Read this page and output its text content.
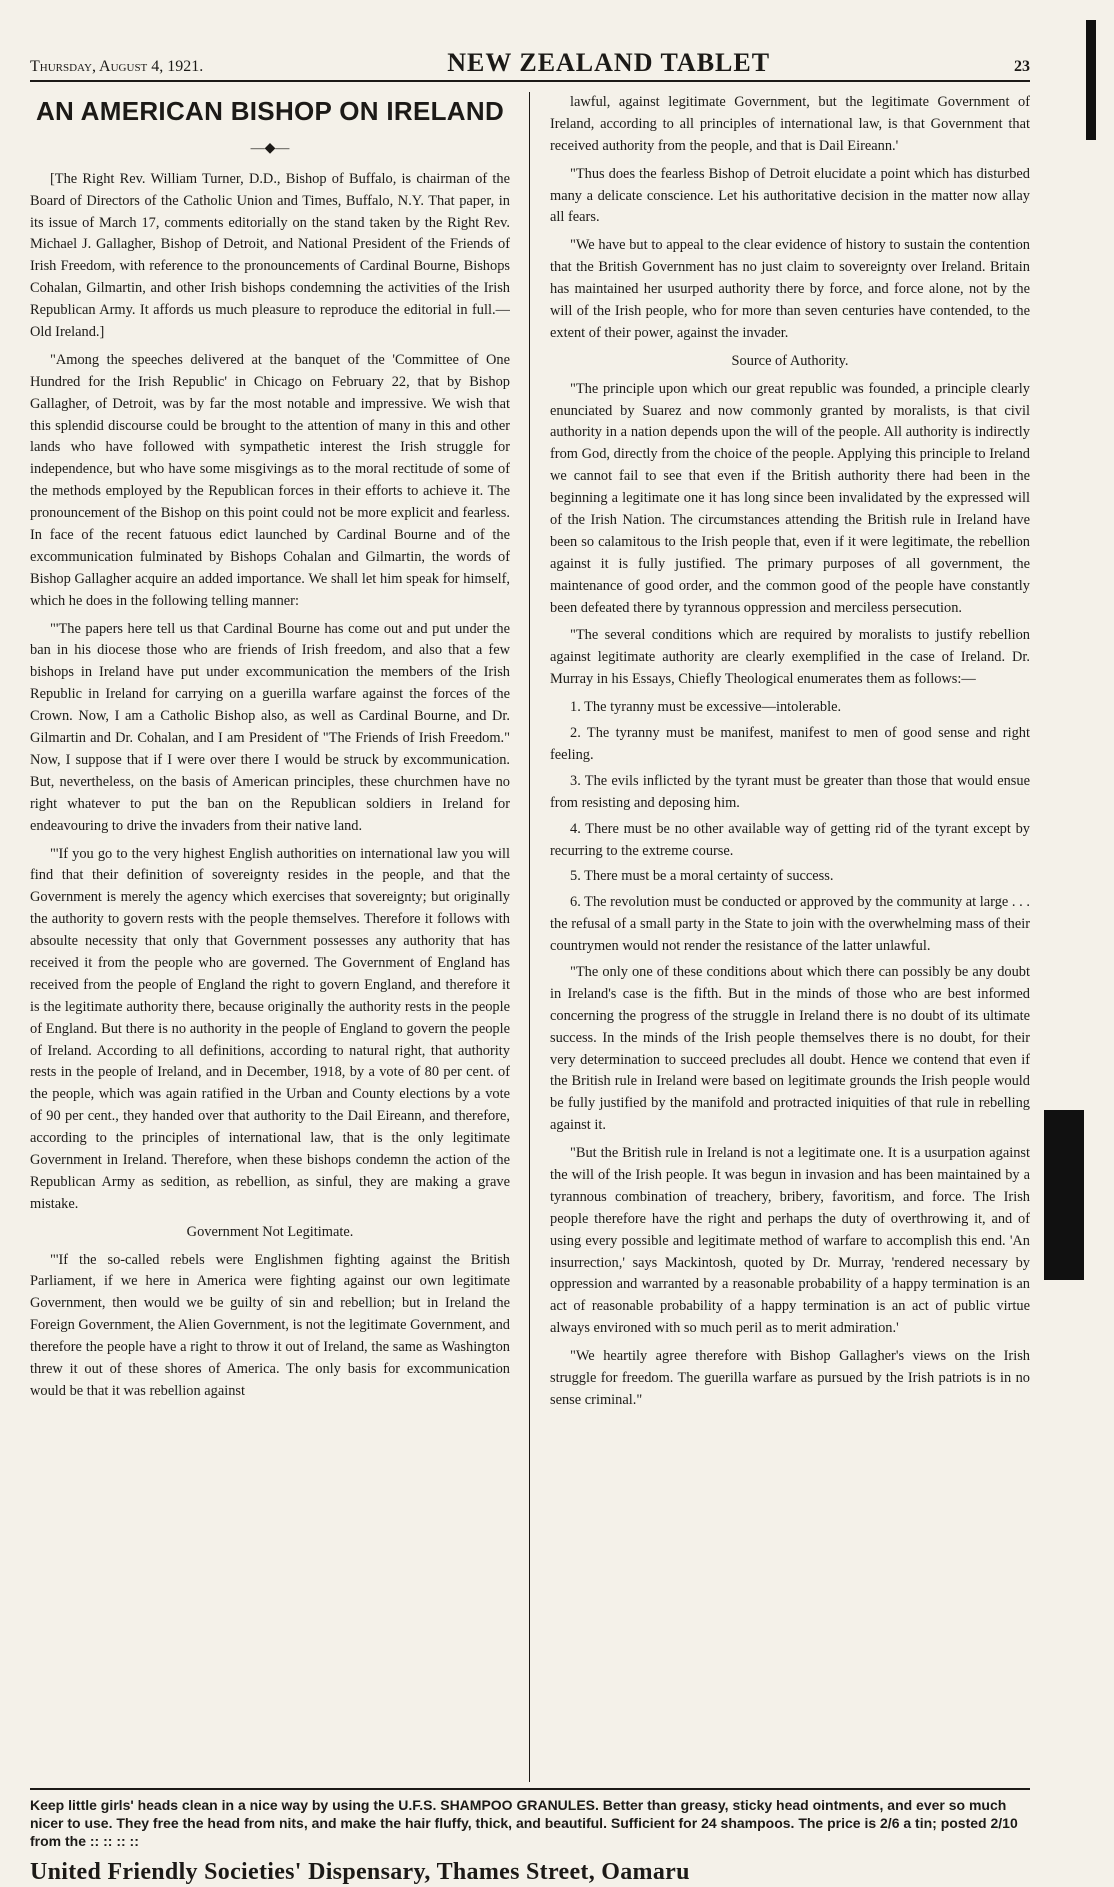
Thursday, August 4, 1921.	NEW ZEALAND TABLET	23
AN AMERICAN BISHOP ON IRELAND
—◆—

[The Right Rev. William Turner, D.D., Bishop of Buffalo, is chairman of the Board of Directors of the Catholic Union and Times, Buffalo, N.Y. That paper, in its issue of March 17, comments editorially on the stand taken by the Right Rev. Michael J. Gallagher, Bishop of Detroit, and National President of the Friends of Irish Freedom, with reference to the pronouncements of Cardinal Bourne, Bishops Cohalan, Gilmartin, and other Irish bishops condemning the activities of the Irish Republican Army. It affords us much pleasure to reproduce the editorial in full.—Old Ireland.]

"Among the speeches delivered at the banquet of the 'Committee of One Hundred for the Irish Republic' in Chicago on February 22, that by Bishop Gallagher, of Detroit, was by far the most notable and impressive. We wish that this splendid discourse could be brought to the attention of many in this and other lands who have followed with sympathetic interest the Irish struggle for independence, but who have some misgivings as to the moral rectitude of some of the methods employed by the Republican forces in their efforts to achieve it. The pronouncement of the Bishop on this point could not be more explicit and fearless. In face of the recent fatuous edict launched by Cardinal Bourne and of the excommunication fulminated by Bishops Cohalan and Gilmartin, the words of Bishop Gallagher acquire an added importance. We shall let him speak for himself, which he does in the following telling manner:

"'The papers here tell us that Cardinal Bourne has come out and put under the ban in his diocese those who are friends of Irish freedom, and also that a few bishops in Ireland have put under excommunication the members of the Irish Republic in Ireland for carrying on a guerilla warfare against the forces of the Crown. Now, I am a Catholic Bishop also, as well as Cardinal Bourne, and Dr. Gilmartin and Dr. Cohalan, and I am President of "The Friends of Irish Freedom." Now, I suppose that if I were over there I would be struck by excommunication. But, nevertheless, on the basis of American principles, these churchmen have no right whatever to put the ban on the Republican soldiers in Ireland for endeavouring to drive the invaders from their native land.

"'If you go to the very highest English authorities on international law you will find that their definition of sovereignty resides in the people, and that the Government is merely the agency which exercises that sovereignty; but originally the authority to govern rests with the people themselves. Therefore it follows with absoulte necessity that only that Government possesses any authority that has received it from the people who are governed. The Government of England has received from the people of England the right to govern England, and therefore it is the legitimate authority there, because originally the authority rests in the people of England. But there is no authority in the people of England to govern the people of Ireland. According to all definitions, according to natural right, that authority rests in the people of Ireland, and in December, 1918, by a vote of 80 per cent. of the people, which was again ratified in the Urban and County elections by a vote of 90 per cent., they handed over that authority to the Dail Eireann, and therefore, according to the principles of international law, that is the only legitimate Government in Ireland. Therefore, when these bishops condemn the action of the Republican Army as sedition, as rebellion, as sinful, they are making a grave mistake.

Government Not Legitimate.

"'If the so-called rebels were Englishmen fighting against the British Parliament, if we here in America were fighting against our own legitimate Government, then would we be guilty of sin and rebellion; but in Ireland the Foreign Government, the Alien Government, is not the legitimate Government, and therefore the people have a right to throw it out of Ireland, the same as Washington threw it out of these shores of America. The only basis for excommunication would be that it was rebellion against

lawful, against legitimate Government, but the legitimate Government of Ireland, according to all principles of international law, is that Government that received authority from the people, and that is Dail Eireann.'

"Thus does the fearless Bishop of Detroit elucidate a point which has disturbed many a delicate conscience. Let his authoritative decision in the matter now allay all fears.

"We have but to appeal to the clear evidence of history to sustain the contention that the British Government has no just claim to sovereignty over Ireland. Britain has maintained her usurped authority there by force, and force alone, not by the will of the Irish people, who for more than seven centuries have contended, to the extent of their power, against the invader.

Source of Authority.

"The principle upon which our great republic was founded, a principle clearly enunciated by Suarez and now commonly granted by moralists, is that civil authority in a nation depends upon the will of the people. All authority is indirectly from God, directly from the choice of the people. Applying this principle to Ireland we cannot fail to see that even if the British authority there had been in the beginning a legitimate one it has long since been invalidated by the expressed will of the Irish Nation. The circumstances attending the British rule in Ireland have been so calamitous to the Irish people that, even if it were legitimate, the rebellion against it is fully justified. The primary purposes of all government, the maintenance of good order, and the common good of the people have constantly been defeated there by tyrannous oppression and merciless persecution.

"The several conditions which are required by moralists to justify rebellion against legitimate authority are clearly exemplified in the case of Ireland. Dr. Murray in his Essays, Chiefly Theological enumerates them as follows:—

1. The tyranny must be excessive—intolerable.

2. The tyranny must be manifest, manifest to men of good sense and right feeling.

3. The evils inflicted by the tyrant must be greater than those that would ensue from resisting and deposing him.

4. There must be no other available way of getting rid of the tyrant except by recurring to the extreme course.

5. There must be a moral certainty of success.

6. The revolution must be conducted or approved by the community at large . . . the refusal of a small party in the State to join with the overwhelming mass of their countrymen would not render the resistance of the latter unlawful.

"The only one of these conditions about which there can possibly be any doubt in Ireland's case is the fifth. But in the minds of those who are best informed concerning the progress of the struggle in Ireland there is no doubt of its ultimate success. In the minds of the Irish people themselves there is no doubt, for their very determination to succeed precludes all doubt. Hence we contend that even if the British rule in Ireland were based on legitimate grounds the Irish people would be fully justified by the manifold and protracted iniquities of that rule in rebelling against it.

"But the British rule in Ireland is not a legitimate one. It is a usurpation against the will of the Irish people. It was begun in invasion and has been maintained by a tyrannous combination of treachery, bribery, favoritism, and force. The Irish people therefore have the right and perhaps the duty of overthrowing it, and of using every possible and legitimate method of warfare to accomplish this end. 'An insurrection,' says Mackintosh, quoted by Dr. Murray, 'rendered necessary by oppression and warranted by a reasonable probability of a happy termination is an act of reasonable probability of a happy termination is an act of public virtue always environed with so much peril as to merit admiration.'

"We heartily agree therefore with Bishop Gallagher's views on the Irish struggle for freedom. The guerilla warfare as pursued by the Irish patriots is in no sense criminal."

Keep little girls' heads clean in a nice way by using the U.F.S. SHAMPOO GRANULES. Better than greasy, sticky head ointments, and ever so much nicer to use. They free the head from nits, and make the hair fluffy, thick, and beautiful. Sufficient for 24 shampoos. The price is 2/6 a tin; posted 2/10 from the :: :: :: ::
United Friendly Societies' Dispensary, Thames Street, Oamaru
